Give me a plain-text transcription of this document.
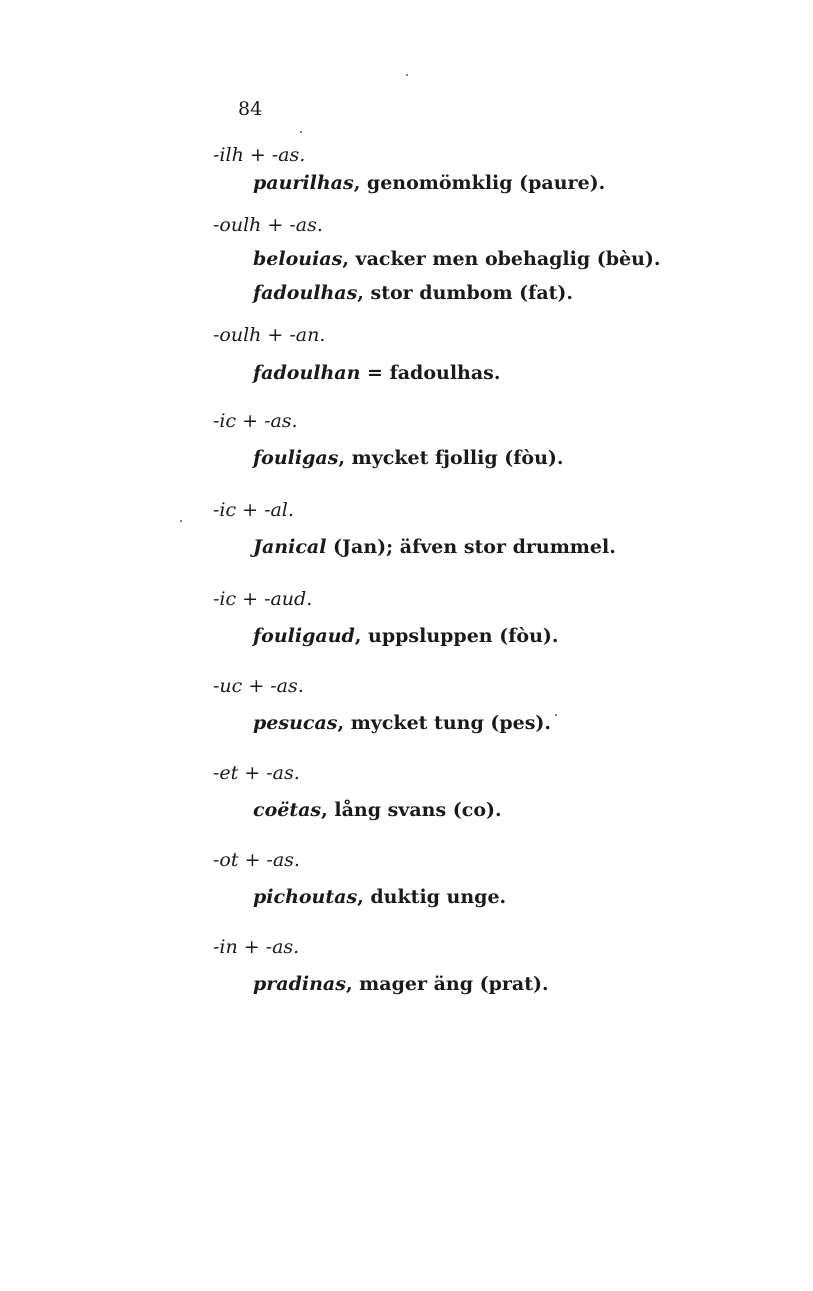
84
-ilh + -as.
paurilhas, genomömklig (paure).
-oulh + -as.
belouias, vacker men obehaglig (bèu).
fadoulhas, stor dumbom (fat).
-oulh + -an.
fadoulhan = fadoulhas.
-ic + -as.
fouligas, mycket fjollig (fòu).
-ic + -al.
Janical (Jan); äfven stor drummel.
-ic + -aud.
fouligaud, uppsluppen (fòu).
-uc + -as.
pesucas, mycket tung (pes).
-et + -as.
coëtas, lång svans (co).
-ot + -as.
pichoutas, duktig unge.
-in + -as.
pradinas, mager äng (prat).
